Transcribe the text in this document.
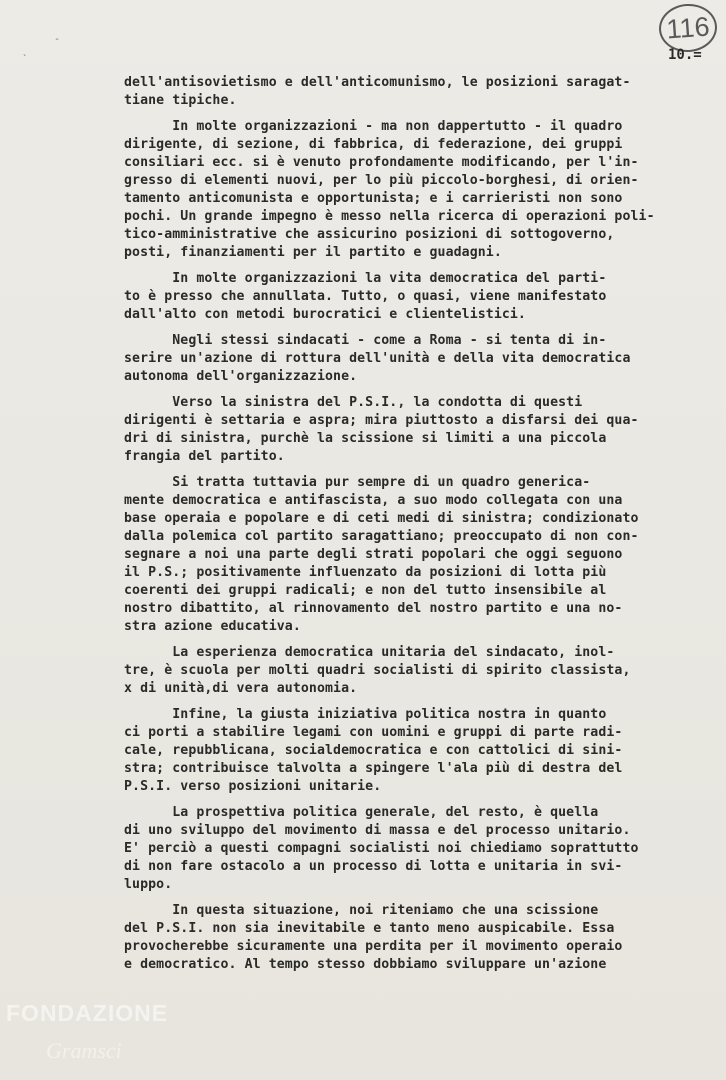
116
10.=
-
`
dell'antisovietismo e dell'anticomunismo, le posizioni saragat-
tiane tipiche.
In molte organizzazioni - ma non dappertutto - il quadro
dirigente, di sezione, di fabbrica, di federazione, dei gruppi
consiliari ecc. si è venuto profondamente modificando, per l'in-
gresso di elementi nuovi, per lo più piccolo-borghesi, di orien-
tamento anticomunista e opportunista; e i carrieristi non sono
pochi. Un grande impegno è messo nella ricerca di operazioni poli-
tico-amministrative che assicurino posizioni di sottogoverno,
posti, finanziamenti per il partito e guadagni.
In molte organizzazioni la vita democratica del parti-
to è presso che annullata. Tutto, o quasi, viene manifestato
dall'alto con metodi burocratici e clientelistici.
Negli stessi sindacati - come a Roma - si tenta di in-
serire un'azione di rottura dell'unità e della vita democratica
autonoma dell'organizzazione.
Verso la sinistra del P.S.I., la condotta di questi
dirigenti è settaria e aspra; mira piuttosto a disfarsi dei qua-
dri di sinistra, purchè la scissione si limiti a una piccola
frangia del partito.
Si tratta tuttavia pur sempre di un quadro generica-
mente democratica e antifascista, a suo modo collegata con una
base operaia e popolare e di ceti medi di sinistra; condizionato
dalla polemica col partito saragattiano; preoccupato di non con-
segnare a noi una parte degli strati popolari che oggi seguono
il P.S.; positivamente influenzato da posizioni di lotta più
coerenti dei gruppi radicali; e non del tutto insensibile al
nostro dibattito, al rinnovamento del nostro partito e una no-
stra azione educativa.
La esperienza democratica unitaria del sindacato, inol-
tre, è scuola per molti quadri socialisti di spirito classista,
x di unità,di vera autonomia.
Infine, la giusta iniziativa politica nostra in quanto
ci porti a stabilire legami con uomini e gruppi di parte radi-
cale, repubblicana, socialdemocratica e con cattolici di sini-
stra; contribuisce talvolta a spingere l'ala più di destra del
P.S.I. verso posizioni unitarie.
La prospettiva politica generale, del resto, è quella
di uno sviluppo del movimento di massa e del processo unitario.
E' perciò a questi compagni socialisti noi chiediamo soprattutto
di non fare ostacolo a un processo di lotta e unitaria in svi-
luppo.
In questa situazione, noi riteniamo che una scissione
del P.S.I. non sia inevitabile e tanto meno auspicabile. Essa
provocherebbe sicuramente una perdita per il movimento operaio
e democratico. Al tempo stesso dobbiamo sviluppare un'azione
FONDAZIONE
Gramsci
